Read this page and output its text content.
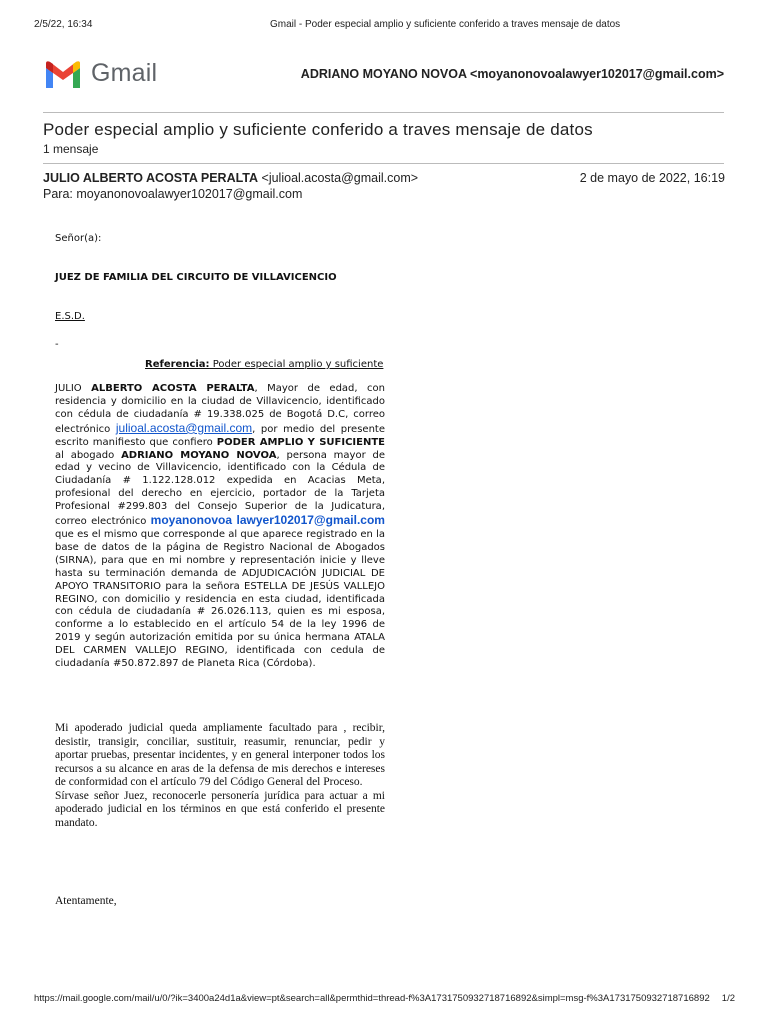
2/5/22, 16:34	Gmail - Poder especial amplio y suficiente conferido a traves mensaje de datos
Gmail	ADRIANO MOYANO NOVOA <moyanonovoalawyer102017@gmail.com>
Poder especial amplio y suficiente conferido a traves mensaje de datos
1 mensaje
JULIO ALBERTO ACOSTA PERALTA <julioal.acosta@gmail.com>	2 de mayo de 2022, 16:19
Para: moyanonovoalawyer102017@gmail.com
Señor(a):
JUEZ DE FAMILIA DEL CIRCUITO DE VILLAVICENCIO
E.S.D.
-
Referencia: Poder especial amplio y suficiente
JULIO ALBERTO ACOSTA PERALTA, Mayor de edad, con residencia y domicilio en la ciudad de Villavicencio, identificado con cédula de ciudadanía # 19.338.025 de Bogotá D.C, correo electrónico julioal.acosta@gmail.com, por medio del presente escrito manifiesto que confiero PODER AMPLIO Y SUFICIENTE al abogado ADRIANO MOYANO NOVOA, persona mayor de edad y vecino de Villavicencio, identificado con la Cédula de Ciudadanía # 1.122.128.012 expedida en Acacias Meta, profesional del derecho en ejercicio, portador de la Tarjeta Profesional #299.803 del Consejo Superior de la Judicatura, correo electrónico moyanonovoa lawyer102017@gmail.com que es el mismo que corresponde al que aparece registrado en la base de datos de la página de Registro Nacional de Abogados (SIRNA), para que en mi nombre y representación inicie y lleve hasta su terminación demanda de ADJUDICACIÓN JUDICIAL DE APOYO TRANSITORIO para la señora ESTELLA DE JESÚS VALLEJO REGINO, con domicilio y residencia en esta ciudad, identificada con cédula de ciudadanía # 26.026.113, quien es mi esposa, conforme a lo establecido en el artículo 54 de la ley 1996 de 2019 y según autorización emitida por su única hermana ATALA DEL CARMEN VALLEJO REGINO, identificada con cedula de ciudadanía #50.872.897 de Planeta Rica (Córdoba).
Mi apoderado judicial queda ampliamente facultado para , recibir, desistir, transigir, conciliar, sustituir, reasumir, renunciar, pedir y aportar pruebas, presentar incidentes, y en general interponer todos los recursos a su alcance en aras de la defensa de mis derechos e intereses de conformidad con el artículo 79 del Código General del Proceso.
Sírvase señor Juez, reconocerle personería jurídica para actuar a mi apoderado judicial en los términos en que está conferido el presente mandato.
Atentamente,
https://mail.google.com/mail/u/0/?ik=3400a24d1a&view=pt&search=all&permthid=thread-f%3A1731750932718716892&simpl=msg-f%3A1731750932718716892 1/2
